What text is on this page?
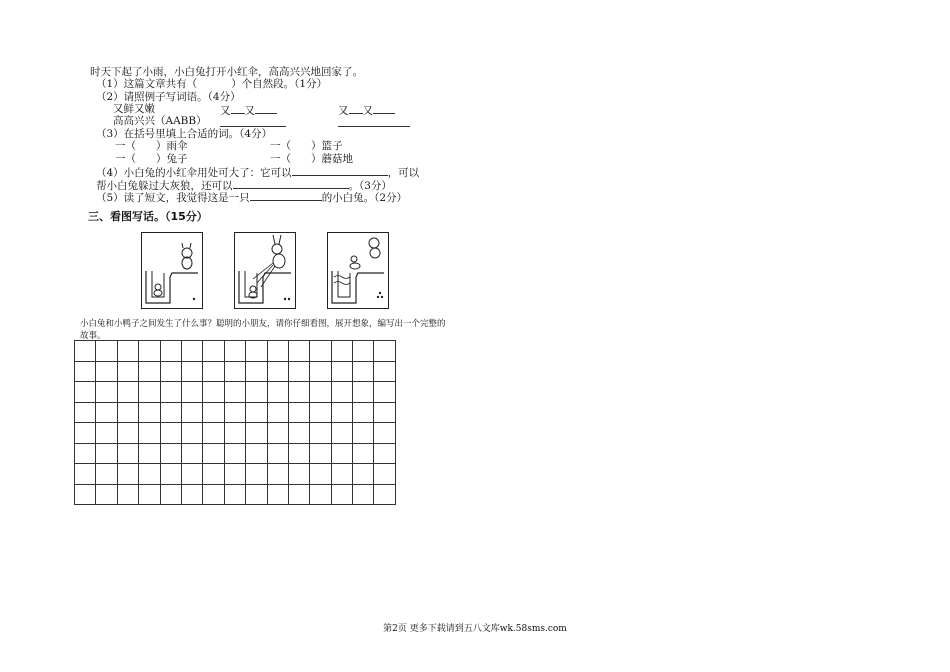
时天下起了小雨，小白兔打开小红伞，高高兴兴地回家了。
（1）这篇文章共有（	）个自然段。（1分）
（2）请照例子写词语。（4分）
又鲜又嫩	又 又	又 又
高高兴兴（AABB）
（3）在括号里填上合适的词。（4分）
一（ ）雨伞	一（ ）篮子
一（ ）兔子	一（ ）蘑菇地
（4）小白兔的小红伞用处可大了：它可以	，可以
帮小白兔躲过大灰狼，还可以	。（3分）
（5）读了短文，我觉得这是一只	的小白兔。（2分）
三、看图写话。（15分）
小白兔和小鸭子之间发生了什么事？聪明的小朋友，请你仔细看图，展开想象，编写出一个完整的
故事。

第2页 更多下载请到五八文库wk.58sms.com
